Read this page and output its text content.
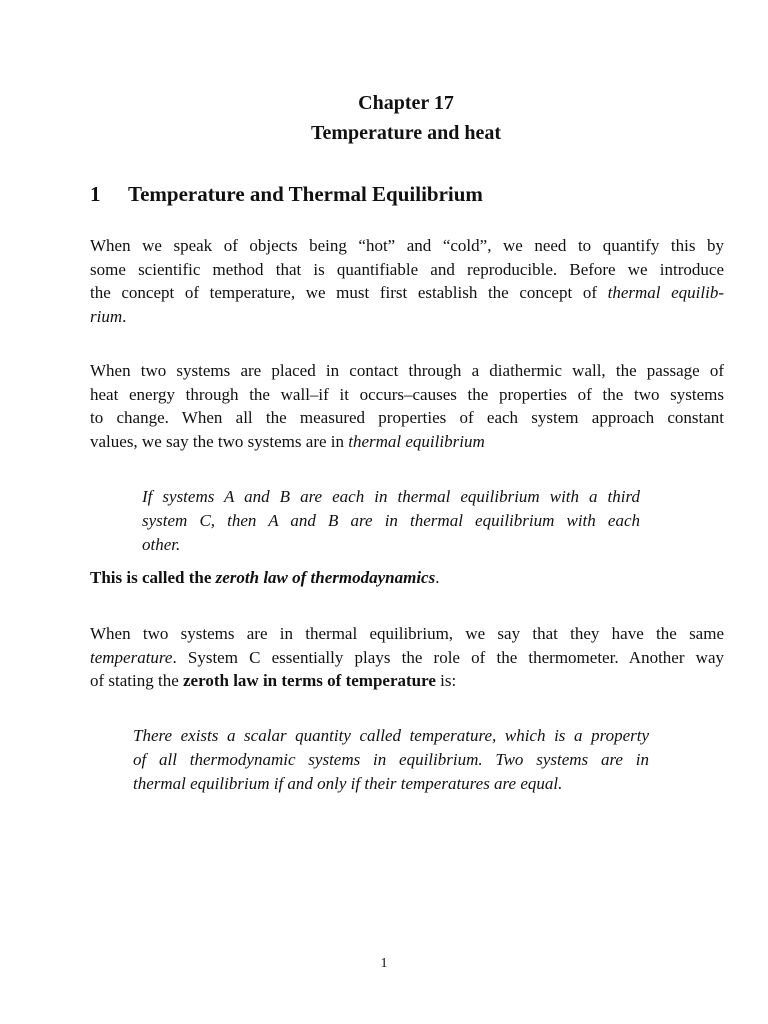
Chapter 17
Temperature and heat
1 Temperature and Thermal Equilibrium
When we speak of objects being “hot” and “cold”, we need to quantify this by
some scientific method that is quantifiable and reproducible. Before we introduce
the concept of temperature, we must first establish the concept of thermal equilib-
rium.
When two systems are placed in contact through a diathermic wall, the passage of
heat energy through the wall–if it occurs–causes the properties of the two systems
to change. When all the measured properties of each system approach constant
values, we say the two systems are in thermal equilibrium
If systems A and B are each in thermal equilibrium with a third
system C, then A and B are in thermal equilibrium with each
other.
This is called the zeroth law of thermodaynamics.
When two systems are in thermal equilibrium, we say that they have the same
temperature. System C essentially plays the role of the thermometer. Another way
of stating the zeroth law in terms of temperature is:
There exists a scalar quantity called temperature, which is a property
of all thermodynamic systems in equilibrium. Two systems are in
thermal equilibrium if and only if their temperatures are equal.
1
